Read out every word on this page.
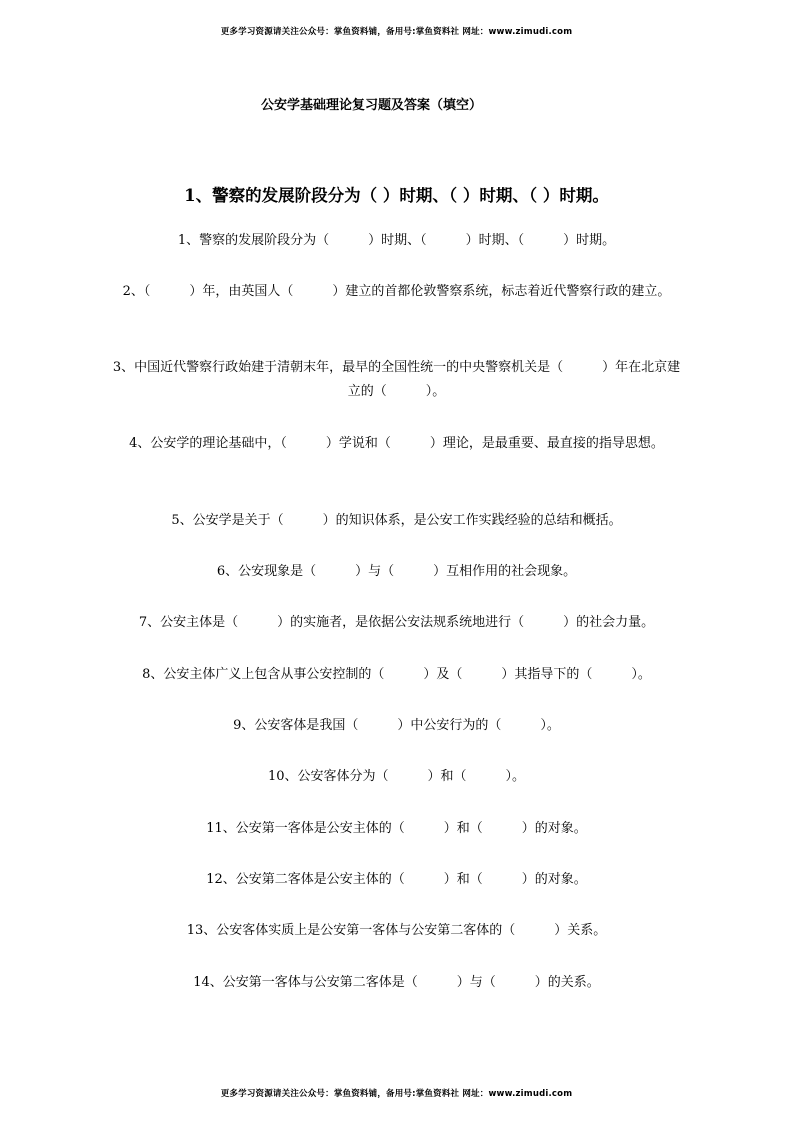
更多学习资源请关注公众号：掌鱼资料铺，备用号:掌鱼资料社 网址：www.zimudi.com
公安学基础理论复习题及答案（填空）
1、警察的发展阶段分为（ ）时期、（ ）时期、（ ）时期。
1、警察的发展阶段分为（　　　）时期、（　　　）时期、（　　　）时期。
2、（　　　）年，由英国人（　　　）建立的首都伦敦警察系统，标志着近代警察行政的建立。
3、中国近代警察行政始建于清朝末年，最早的全国性统一的中央警察机关是（　　　）年在北京建立的（　　　）。
4、公安学的理论基础中，（　　　）学说和（　　　）理论，是最重要、最直接的指导思想。
5、公安学是关于（　　　）的知识体系，是公安工作实践经验的总结和概括。
6、公安现象是（　　　）与（　　　）互相作用的社会现象。
7、公安主体是（　　　）的实施者，是依据公安法规系统地进行（　　　）的社会力量。
8、公安主体广义上包含从事公安控制的（　　　）及（　　　）其指导下的（　　　）。
9、公安客体是我国（　　　）中公安行为的（　　　）。
10、公安客体分为（　　　）和（　　　）。
11、公安第一客体是公安主体的（　　　）和（　　　）的对象。
12、公安第二客体是公安主体的（　　　）和（　　　）的对象。
13、公安客体实质上是公安第一客体与公安第二客体的（　　　）关系。
14、公安第一客体与公安第二客体是（　　　）与（　　　）的关系。
更多学习资源请关注公众号：掌鱼资料铺，备用号:掌鱼资料社 网址：www.zimudi.com
